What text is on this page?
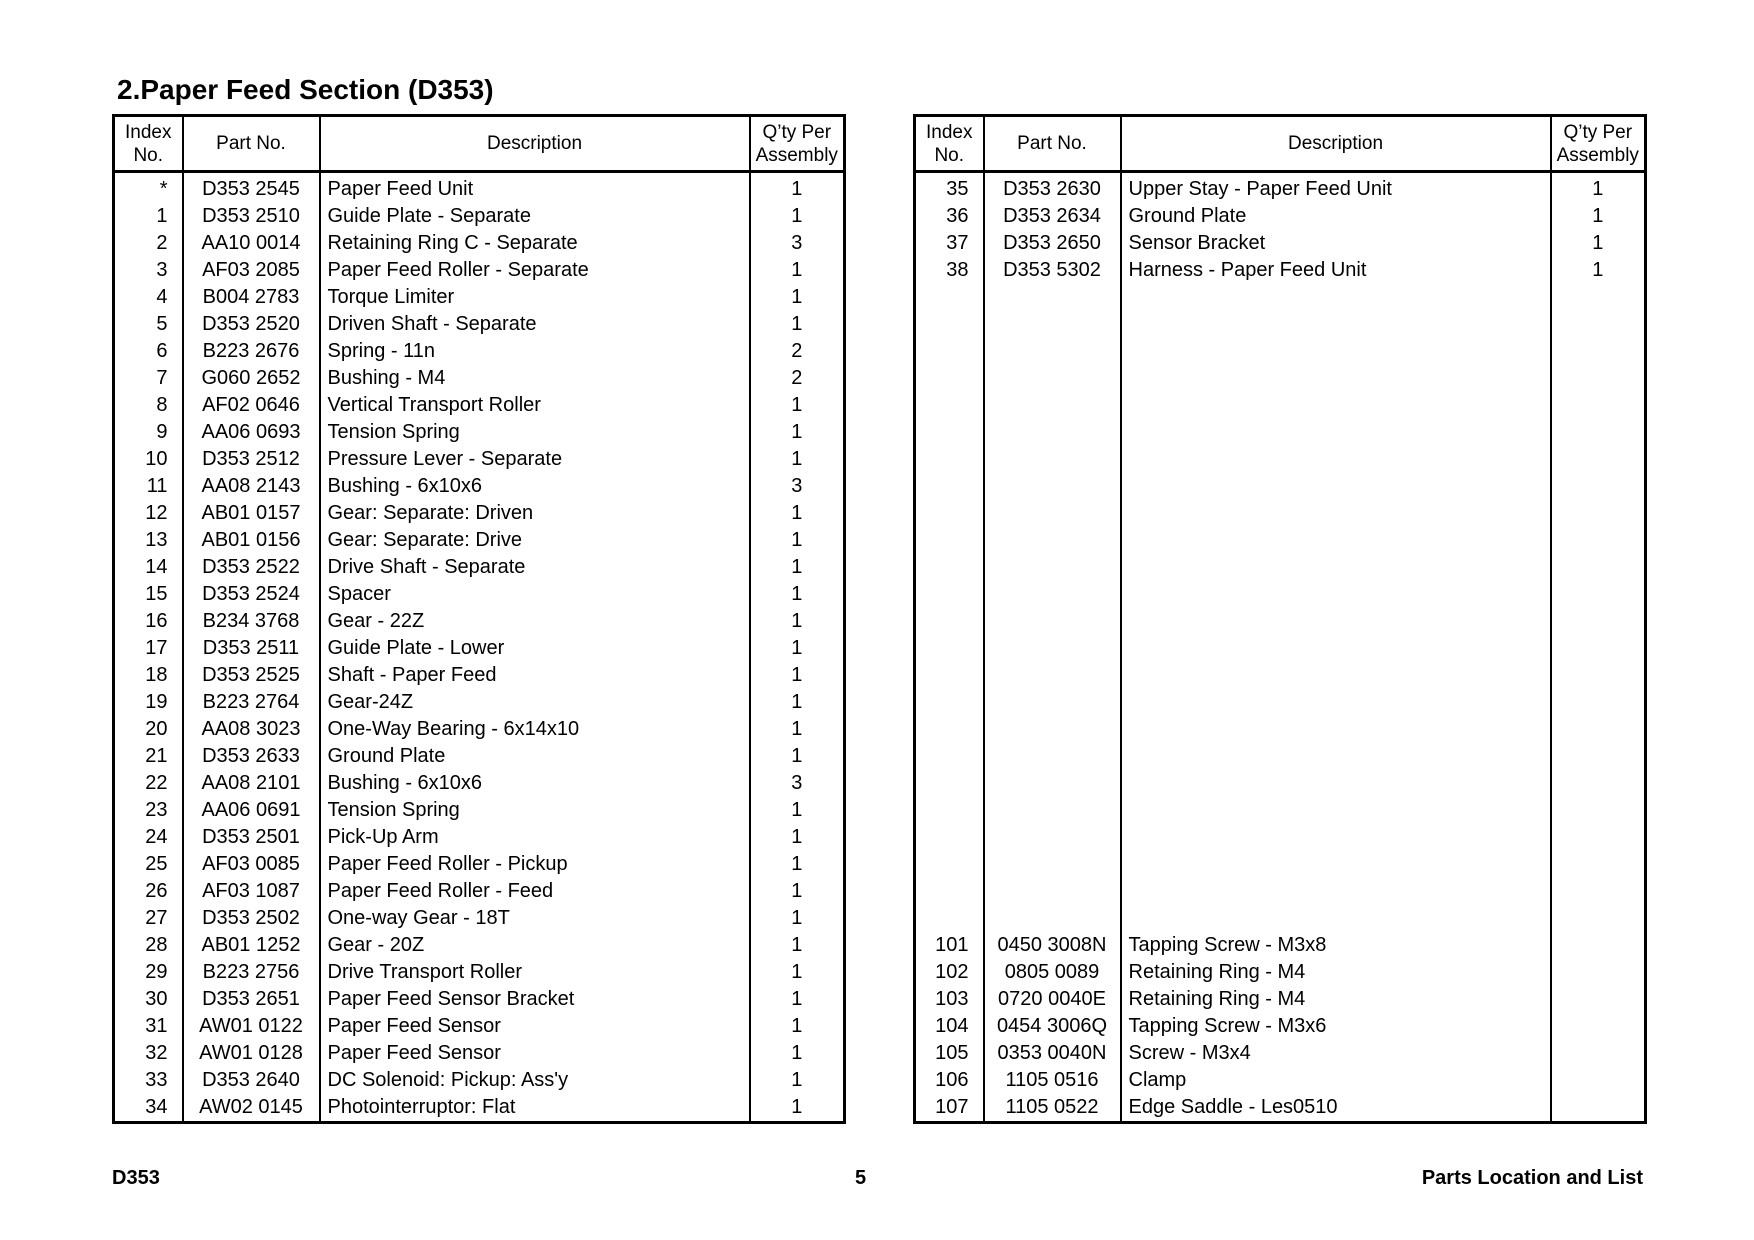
2.Paper Feed Section (D353)
Index
No.	Part No.	Description	Q’ty Per
Assembly
*	D353 2545	Paper Feed Unit	1
1	D353 2510	Guide Plate - Separate	1
2	AA10 0014	Retaining Ring C - Separate	3
3	AF03 2085	Paper Feed Roller - Separate	1
4	B004 2783	Torque Limiter	1
5	D353 2520	Driven Shaft - Separate	1
6	B223 2676	Spring - 11n	2
7	G060 2652	Bushing - M4	2
8	AF02 0646	Vertical Transport Roller	1
9	AA06 0693	Tension Spring	1
10	D353 2512	Pressure Lever - Separate	1
11	AA08 2143	Bushing - 6x10x6	3
12	AB01 0157	Gear: Separate: Driven	1
13	AB01 0156	Gear: Separate: Drive	1
14	D353 2522	Drive Shaft - Separate	1
15	D353 2524	Spacer	1
16	B234 3768	Gear - 22Z	1
17	D353 2511	Guide Plate - Lower	1
18	D353 2525	Shaft - Paper Feed	1
19	B223 2764	Gear-24Z	1
20	AA08 3023	One-Way Bearing - 6x14x10	1
21	D353 2633	Ground Plate	1
22	AA08 2101	Bushing - 6x10x6	3
23	AA06 0691	Tension Spring	1
24	D353 2501	Pick-Up Arm	1
25	AF03 0085	Paper Feed Roller - Pickup	1
26	AF03 1087	Paper Feed Roller - Feed	1
27	D353 2502	One-way Gear - 18T	1
28	AB01 1252	Gear - 20Z	1
29	B223 2756	Drive Transport Roller	1
30	D353 2651	Paper Feed Sensor Bracket	1
31	AW01 0122	Paper Feed Sensor	1
32	AW01 0128	Paper Feed Sensor	1
33	D353 2640	DC Solenoid: Pickup: Ass'y	1
34	AW02 0145	Photointerruptor: Flat	1
Index
No.	Part No.	Description	Q’ty Per
Assembly
35	D353 2630	Upper Stay - Paper Feed Unit	1
36	D353 2634	Ground Plate	1
37	D353 2650	Sensor Bracket	1
38	D353 5302	Harness - Paper Feed Unit	1

101	0450 3008N	Tapping Screw - M3x8	
102	0805 0089	Retaining Ring - M4	
103	0720 0040E	Retaining Ring - M4	
104	0454 3006Q	Tapping Screw - M3x6	
105	0353 0040N	Screw - M3x4	
106	1105 0516	Clamp	
107	1105 0522	Edge Saddle - Les0510	
D353	5	Parts Location and List
